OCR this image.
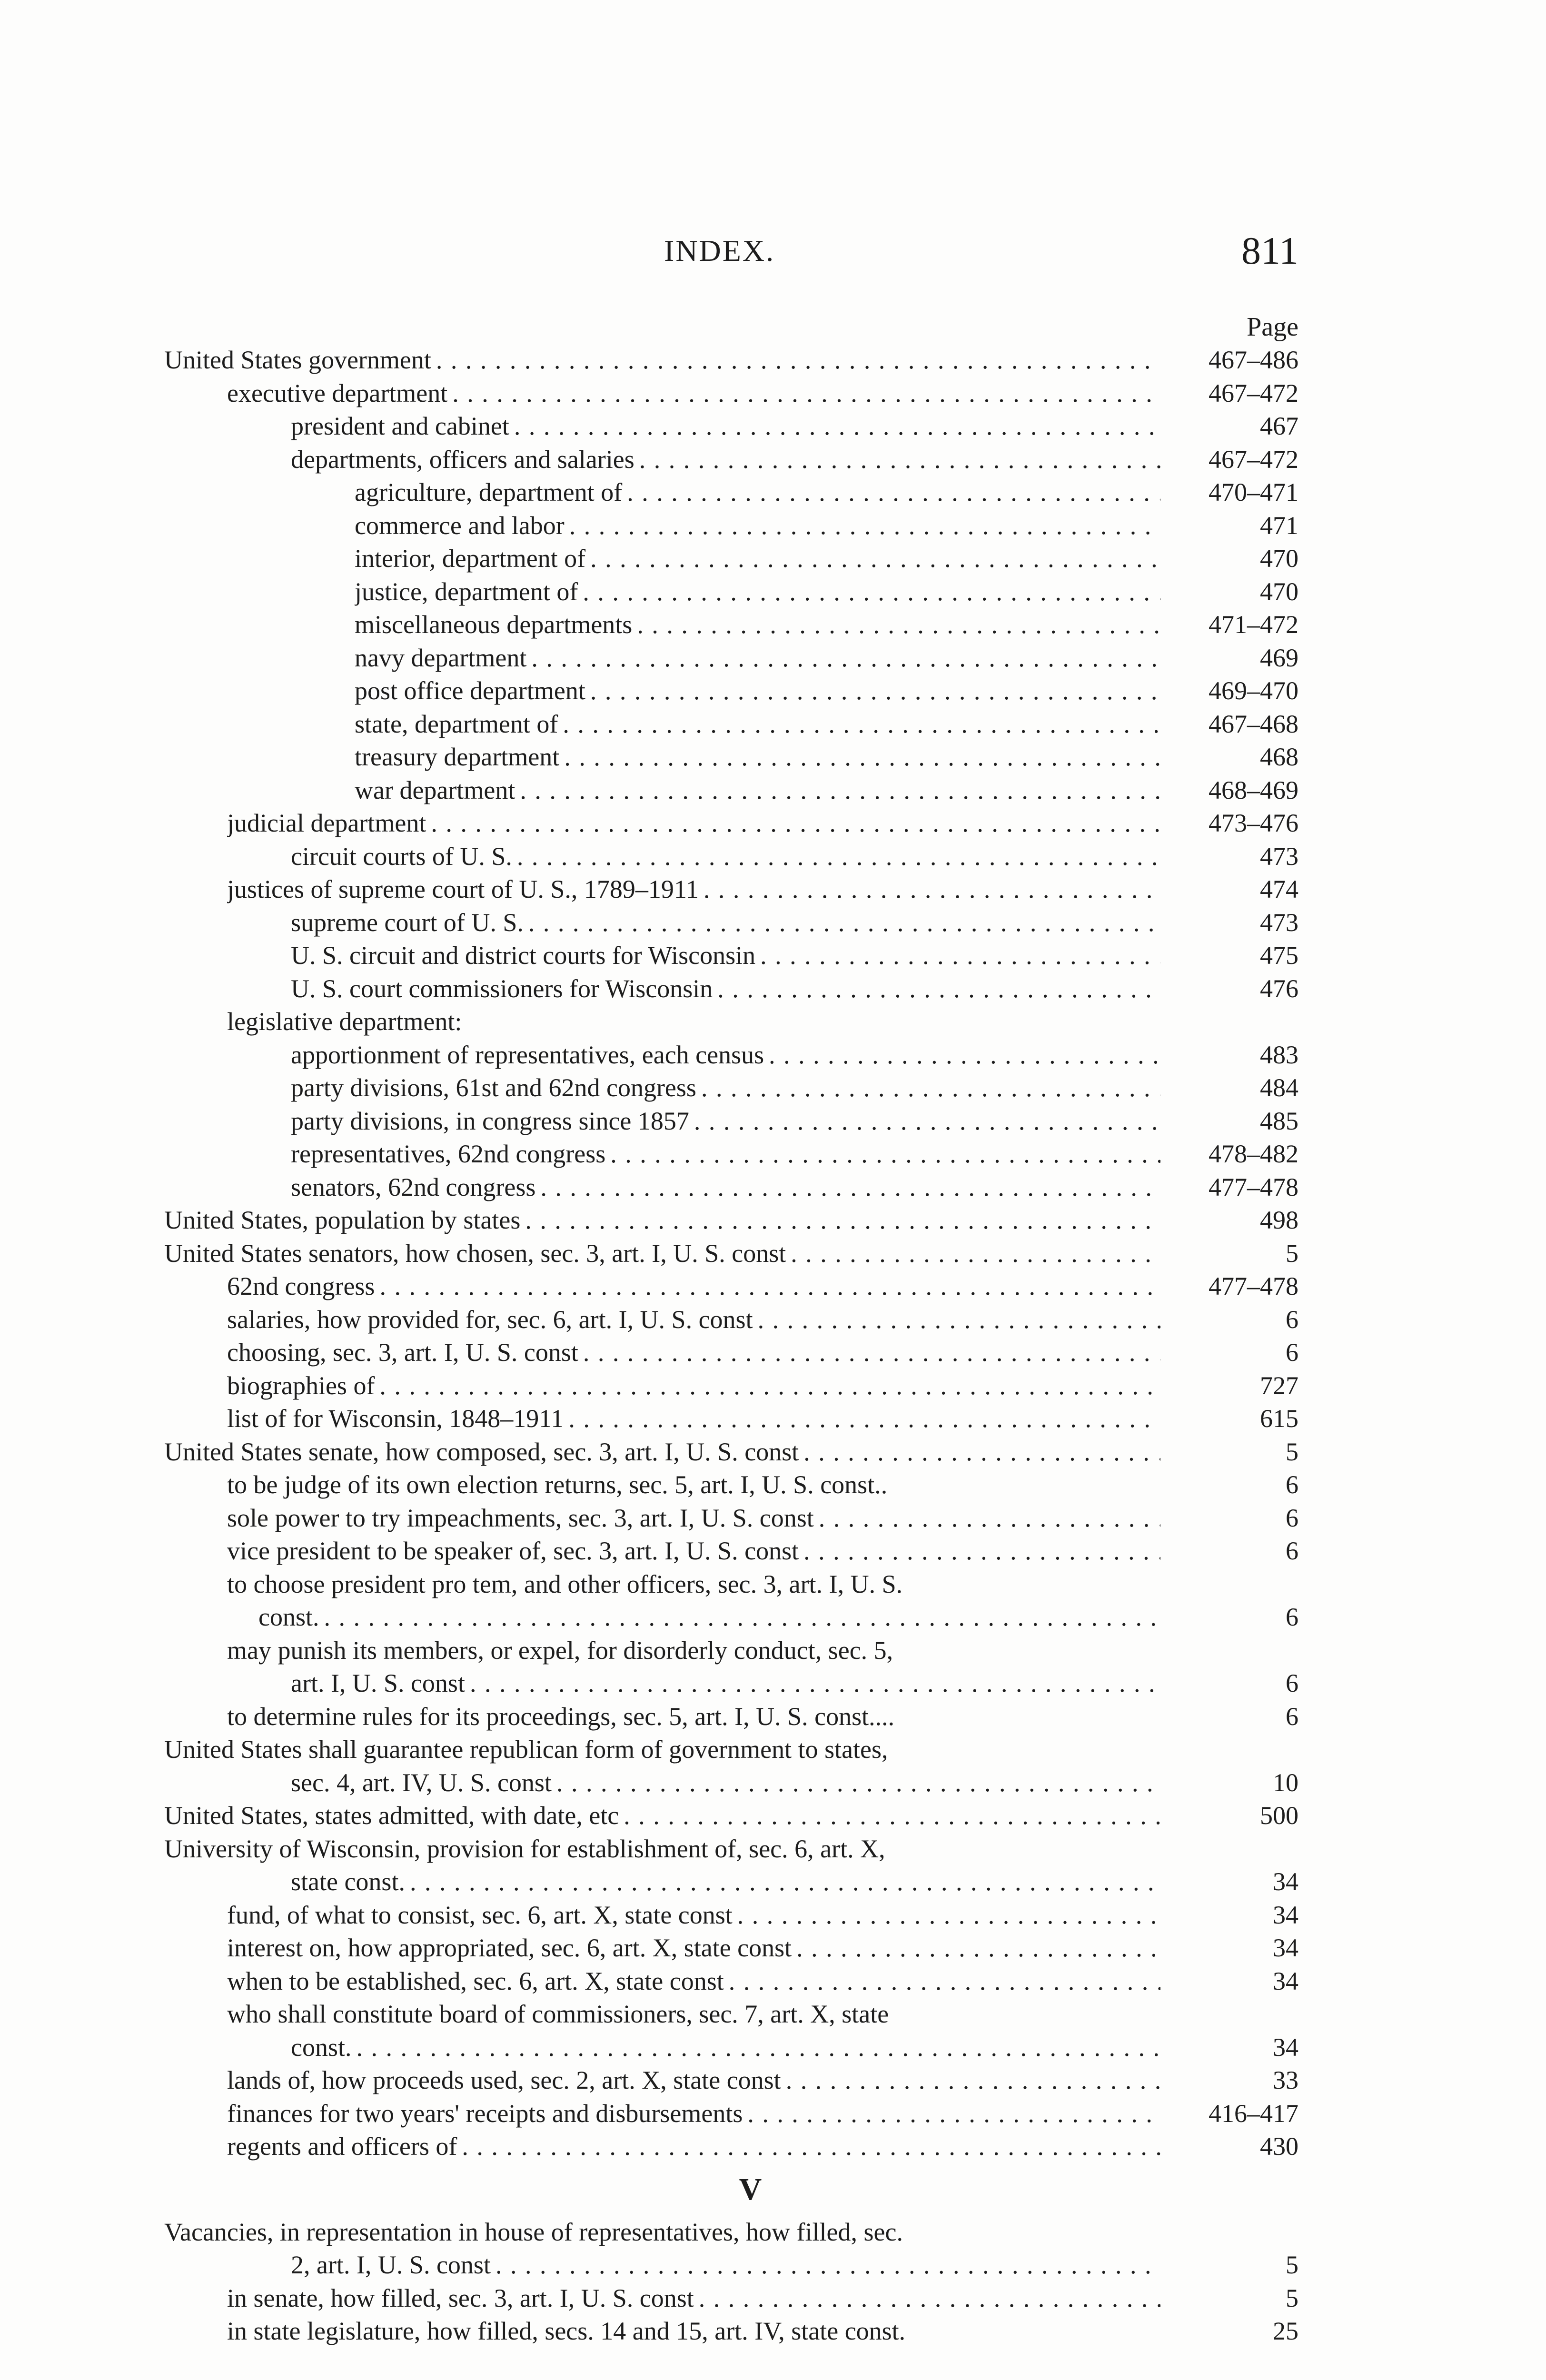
INDEX.	811
Page
United States government . . .	467–486
executive department . . .	467–472
president and cabinet . . .	467
departments, officers and salaries . . .	467–472
agriculture, department of . . .	470–471
commerce and labor . . .	471
interior, department of . . .	470
justice, department of . . .	470
miscellaneous departments . . .	471–472
navy department . . .	469
post office department . . .	469–470
state, department of . . .	467–468
treasury department . . .	468
war department . . .	468–469
judicial department . . .	473–476
circuit courts of U. S. . . .	473
justices of supreme court of U. S., 1789–1911 . . .	474
supreme court of U. S. . . .	473
U. S. circuit and district courts for Wisconsin . . .	475
U. S. court commissioners for Wisconsin . . .	476
legislative department:
apportionment of representatives, each census . . .	483
party divisions, 61st and 62nd congress . . .	484
party divisions, in congress since 1857 . . .	485
representatives, 62nd congress . . .	478–482
senators, 62nd congress . . .	477–478
United States, population by states . . .	498
United States senators, how chosen, sec. 3, art. I, U. S. const . . .	5
62nd congress . . .	477–478
salaries, how provided for, sec. 6, art. I, U. S. const . . .	6
choosing, sec. 3, art. I, U. S. const . . .	6
biographies of . . .	727
list of for Wisconsin, 1848–1911 . . .	615
United States senate, how composed, sec. 3, art. I, U. S. const . . .	5
to be judge of its own election returns, sec. 5, art. I, U. S. const..	6
sole power to try impeachments, sec. 3, art. I, U. S. const . . .	6
vice president to be speaker of, sec. 3, art. I, U. S. const . . .	6
to choose president pro tem, and other officers, sec. 3, art. I, U. S.
const. . . .	6
may punish its members, or expel, for disorderly conduct, sec. 5,
art. I, U. S. const . . .	6
to determine rules for its proceedings, sec. 5, art. I, U. S. const....	6
United States shall guarantee republican form of government to states,
sec. 4, art. IV, U. S. const . . .	10
United States, states admitted, with date, etc . . .	500
University of Wisconsin, provision for establishment of, sec. 6, art. X,
state const. . . .	34
fund, of what to consist, sec. 6, art. X, state const . . .	34
interest on, how appropriated, sec. 6, art. X, state const . . .	34
when to be established, sec. 6, art. X, state const . . .	34
who shall constitute board of commissioners, sec. 7, art. X, state
const. . . .	34
lands of, how proceeds used, sec. 2, art. X, state const . . .	33
finances for two years' receipts and disbursements . . .	416–417
regents and officers of . . .	430
V
Vacancies, in representation in house of representatives, how filled, sec.
2, art. I, U. S. const . . .	5
in senate, how filled, sec. 3, art. I, U. S. const . . .	5
in state legislature, how filled, secs. 14 and 15, art. IV, state const.	25
